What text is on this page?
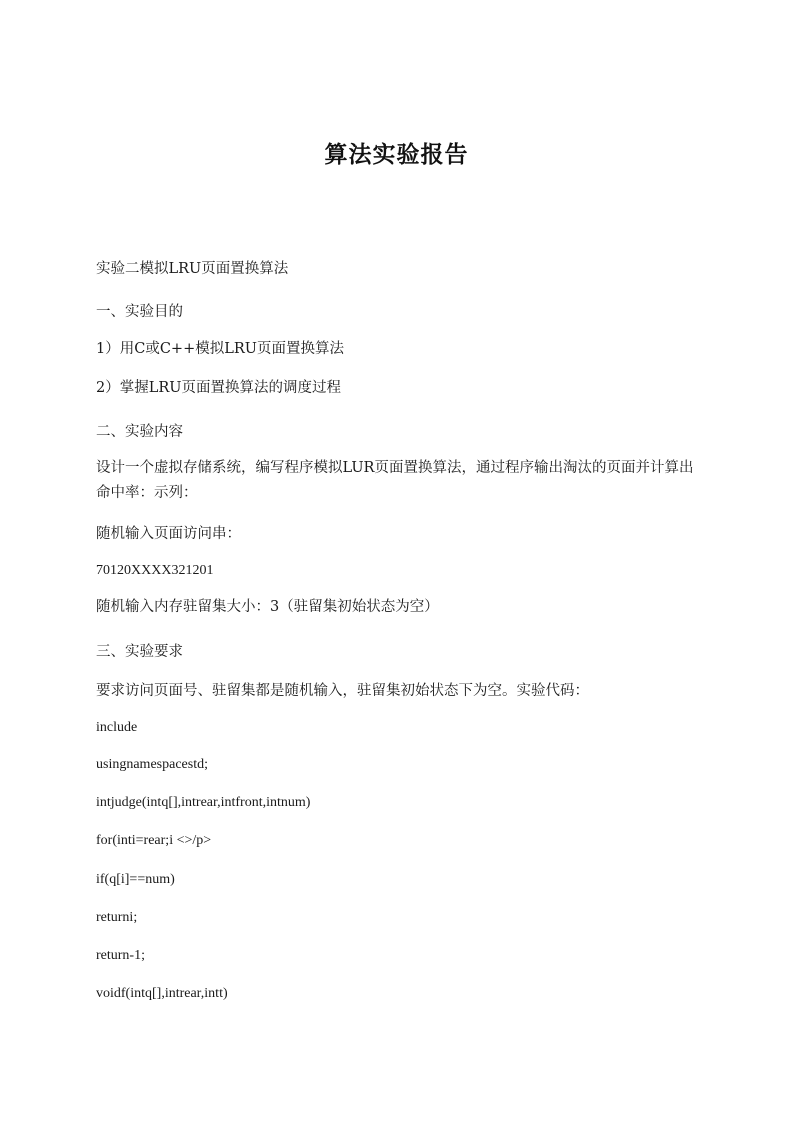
算法实验报告
实验二模拟LRU页面置换算法
一、实验目的
1）用C或C++模拟LRU页面置换算法
2）掌握LRU页面置换算法的调度过程
二、实验内容
设计一个虚拟存储系统，编写程序模拟LUR页面置换算法，通过程序输出淘汰的页面并计算出命中率：示列：
随机输入页面访问串：
70120XXXX321201
随机输入内存驻留集大小：3（驻留集初始状态为空）
三、实验要求
要求访问页面号、驻留集都是随机输入，驻留集初始状态下为空。实验代码：
include
usingnamespacestd;
intjudge(intq[],intrear,intfront,intnum)
for(inti=rear;i <>/p>
if(q[i]==num)
returni;
return-1;
voidf(intq[],intrear,intt)
